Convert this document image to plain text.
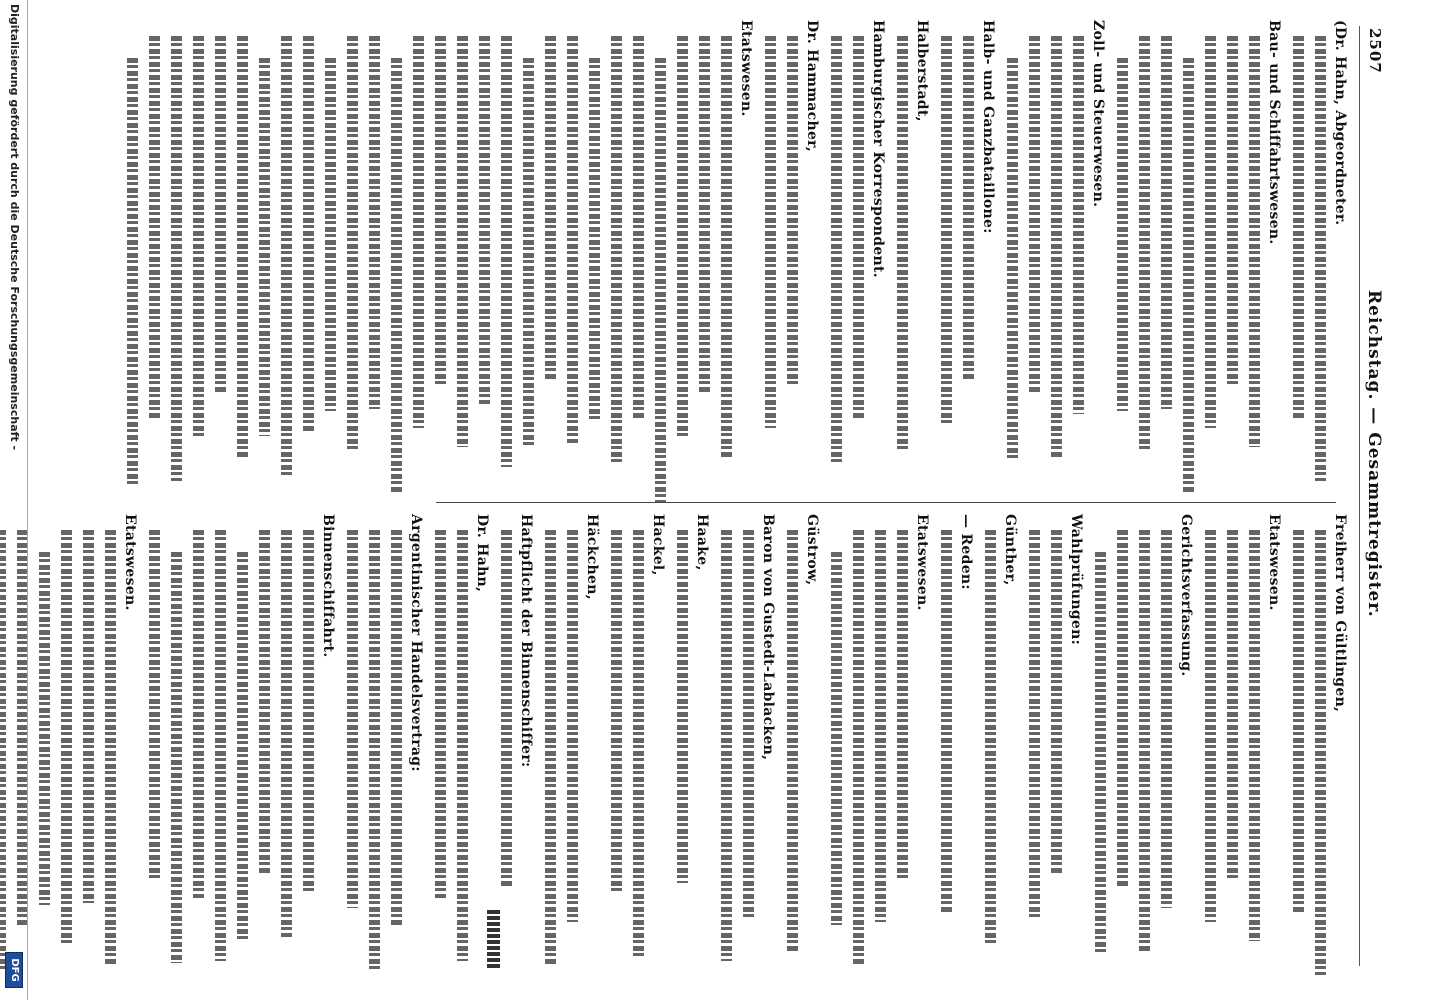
2507
Reichstag. — Gesammtregister.
(Dr. Hahn, Abgeordneter.
Bau- und Schiffahrtswesen.
Zoll- und Steuerwesen.
Halb- und Ganzbataillone:
Halberstadt,
Hamburgischer Korrespondent.
Dr. Hammacher,
Etatswesen.
Freiherr von Gültlingen,
Etatswesen.
Gerichtsverfassung.
Wahlprüfungen:
Günther,
— Reden:
Etatswesen.
Güstrow,
Baron von Gustedt-Lablacken,
Haake,
Hackel,
Häckchen,
Haftpflicht der Binnenschiffer:
Dr. Hahn,
Argentinischer Handelsvertrag:
Binnenschiffahrt.
Etatswesen.
Digitalisierung gefördert durch die Deutsche Forschungsgemeinschaft -
DFG
